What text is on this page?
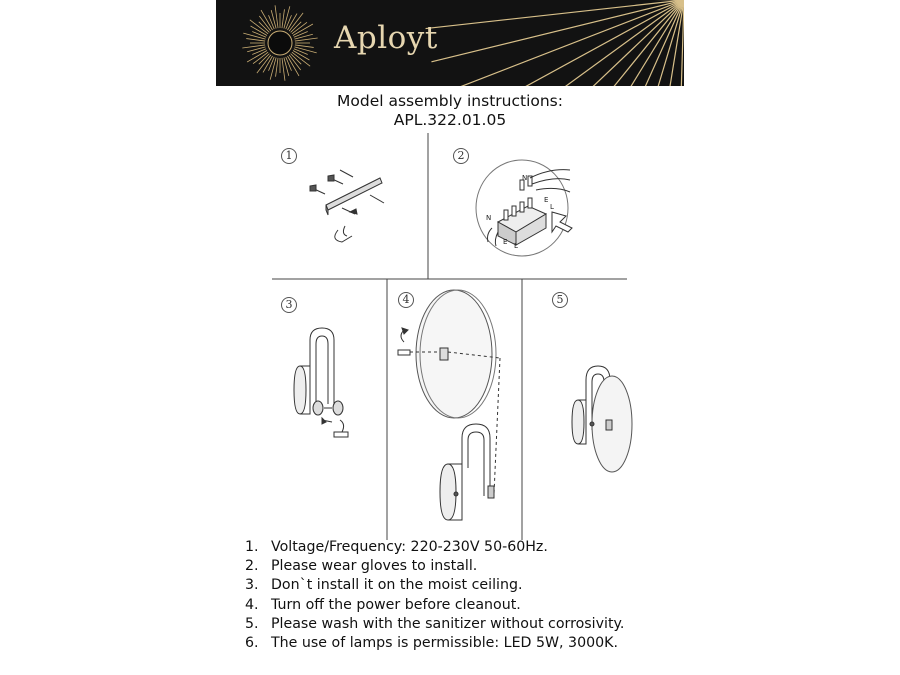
Aployt
Model assembly instructions:
APL.322.01.05
N
E
L
N
E L
1	2
3	4	5
1. Voltage/Frequency: 220-230V 50-60Hz.
2. Please wear gloves to install.
3. Don`t install it on the moist ceiling.
4. Turn off the power before cleanout.
5. Please wash with the sanitizer without corrosivity.
6. The use of lamps is permissible: LED 5W, 3000K.
